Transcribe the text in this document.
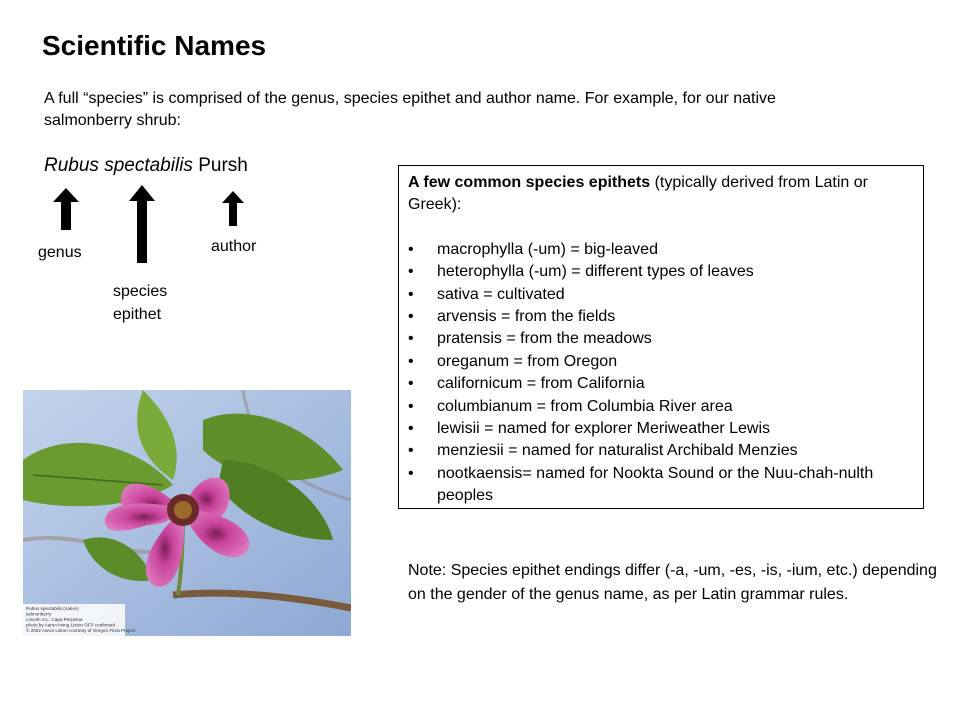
Scientific Names

A full “species” is comprised of the genus, species epithet and author name. For example, for our native salmonberry shrub:

Rubus spectabilis Pursh

genus
species
epithet
author

A few common species epithets (typically derived from Latin or Greek):

• macrophylla (-um) = big-leaved
• heterophylla (-um) = different types of leaves
• sativa = cultivated
• arvensis = from the fields
• pratensis = from the meadows
• oreganum = from Oregon
• californicum = from California
• columbianum = from Columbia River area
• lewisii = named for explorer Meriweather Lewis
• menziesii = named for naturalist Archibald Menzies
• nootkaensis= named for Nookta Sound or the Nuu-chah-nulth peoples

Note: Species epithet endings differ (-a, -um, -es, -is, -ium, etc.) depending on the gender of the genus name, as per Latin grammar rules.

Rubus spectabilis (native)
salmonberry
Lincoln Co.: Cape Perpetua
photo by Aaron Irving Liston OFP confirmed
© 2002 Aaron Liston courtesy of Oregon Flora Project
